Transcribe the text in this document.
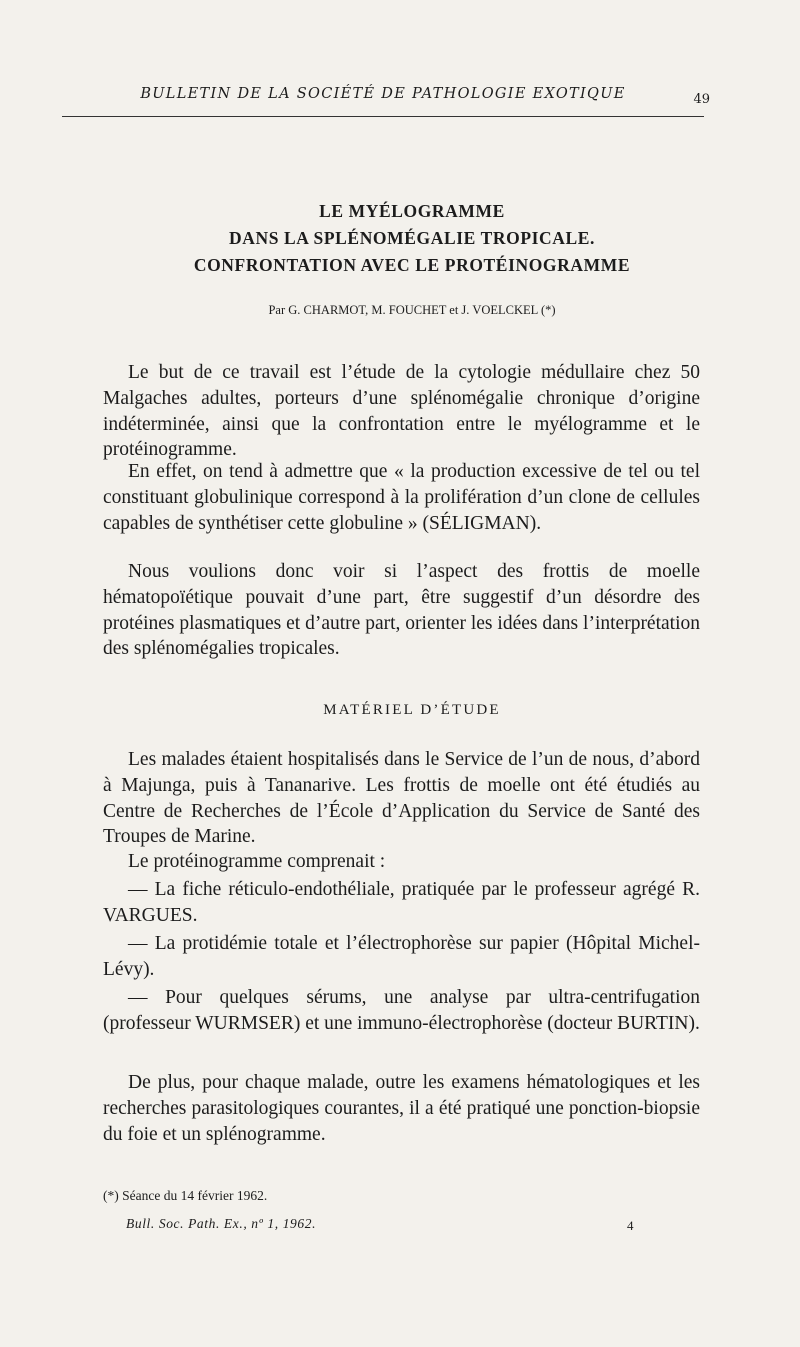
BULLETIN DE LA SOCIÉTÉ DE PATHOLOGIE EXOTIQUE	49
LE MYÉLOGRAMME
DANS LA SPLÉNOMÉGALIE TROPICALE.
CONFRONTATION AVEC LE PROTÉINOGRAMME
Par G. CHARMOT, M. FOUCHET et J. VOELCKEL (*)

Le but de ce travail est l’étude de la cytologie médullaire chez 50 Malgaches adultes, porteurs d’une splénomégalie chronique d’origine indéterminée, ainsi que la confrontation entre le myélogramme et le protéinogramme.

En effet, on tend à admettre que « la production excessive de tel ou tel constituant globulinique correspond à la prolifération d’un clone de cellules capables de synthétiser cette globuline » (SÉLIGMAN).

Nous voulions donc voir si l’aspect des frottis de moelle hématopoïétique pouvait d’une part, être suggestif d’un désordre des protéines plasmatiques et d’autre part, orienter les idées dans l’interprétation des splénomégalies tropicales.

MATÉRIEL D’ÉTUDE

Les malades étaient hospitalisés dans le Service de l’un de nous, d’abord à Majunga, puis à Tananarive. Les frottis de moelle ont été étudiés au Centre de Recherches de l’École d’Application du Service de Santé des Troupes de Marine.

Le protéinogramme comprenait :

— La fiche réticulo-endothéliale, pratiquée par le professeur agrégé R. VARGUES.

— La protidémie totale et l’électrophorèse sur papier (Hôpital Michel-Lévy).

— Pour quelques sérums, une analyse par ultra-centrifugation (professeur WURMSER) et une immuno-électrophorèse (docteur BURTIN).

De plus, pour chaque malade, outre les examens hématologiques et les recherches parasitologiques courantes, il a été pratiqué une ponction-biopsie du foie et un splénogramme.

(*) Séance du 14 février 1962.
Bull. Soc. Path. Ex., nº 1, 1962.	4
